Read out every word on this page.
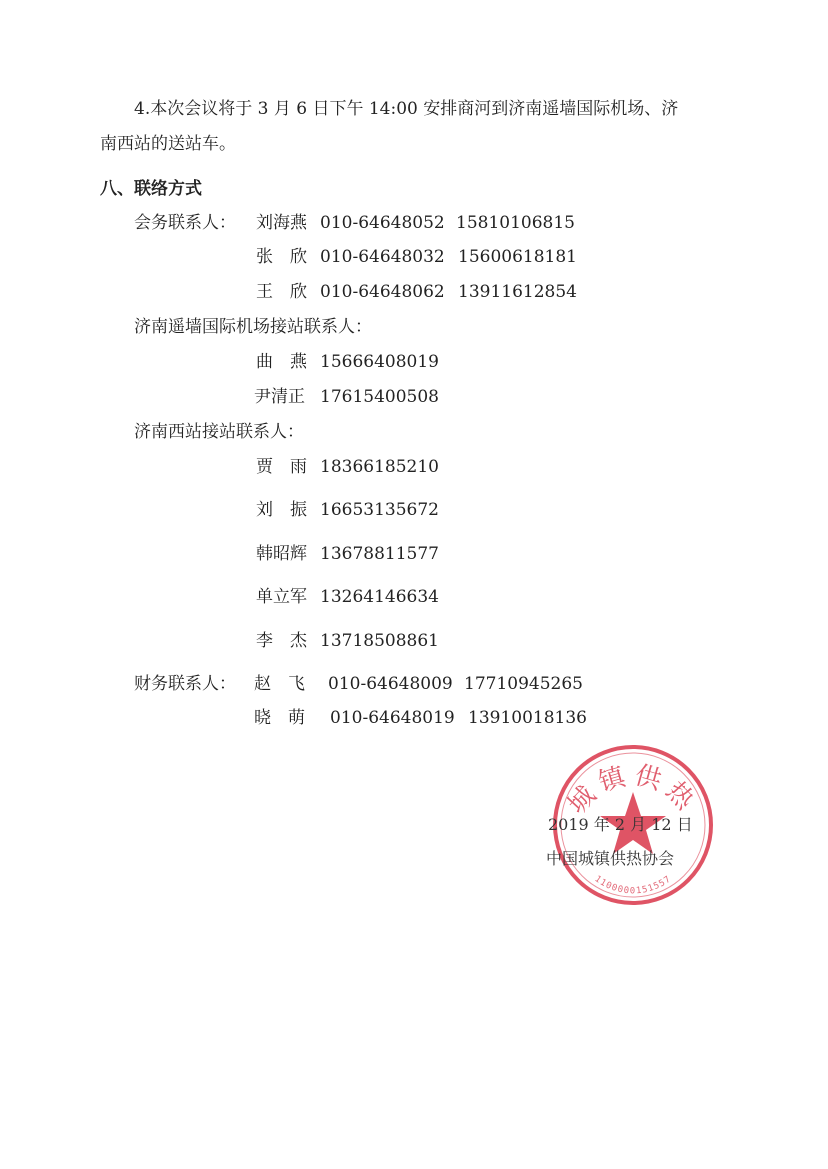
4.本次会议将于 3 月 6 日下午 14:00 安排商河到济南遥墙国际机场、济
南西站的送站车。
八、联络方式
会务联系人： 刘海燕 010-64648052 15810106815
张　欣 010-64648032 15600618181
王　欣 010-64648062 13911612854
济南遥墙国际机场接站联系人：
曲　燕 15666408019
尹清正 17615400508
济南西站接站联系人：
贾　雨 18366185210
刘　振 16653135672
韩昭辉 13678811577
单立军 13264146634
李　杰 13718508861
财务联系人： 赵　飞 010-64648009 17710945265
晓　萌 010-64648019 13910018136
城镇供热
1100000151557
2019 年 2 月 12 日
中国城镇供热协会
